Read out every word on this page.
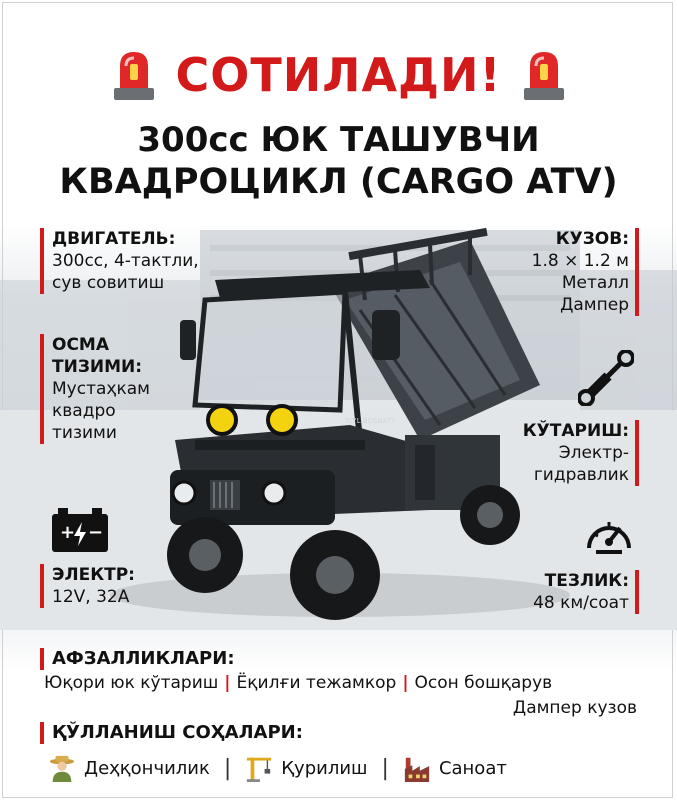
TO'L BOSNATY
СОТИЛАДИ!
300cc ЮК ТАШУВЧИ
КВАДРОЦИКЛ (CARGO ATV)
ДВИГАТЕЛЬ:
300cc, 4-тактли,
сув совитиш
ОСМА
ТИЗИМИ:
Мустаҳкам
квадро
тизими
+ −
ЭЛЕКТР:
12V, 32A
КУЗОВ:
1.8 × 1.2 м
Металл
Дампер
КЎТАРИШ:
Электр-
гидравлик
ТЕЗЛИК:
48 км/соат
АФЗАЛЛИКЛАРИ:
Юқори юк кўтариш | Ёқилғи тежамкор | Осон бошқарув
Дампер кузов
ҚЎЛЛАНИШ СОҲАЛАРИ:
Деҳқончилик |	Қурилиш |	Саноат
